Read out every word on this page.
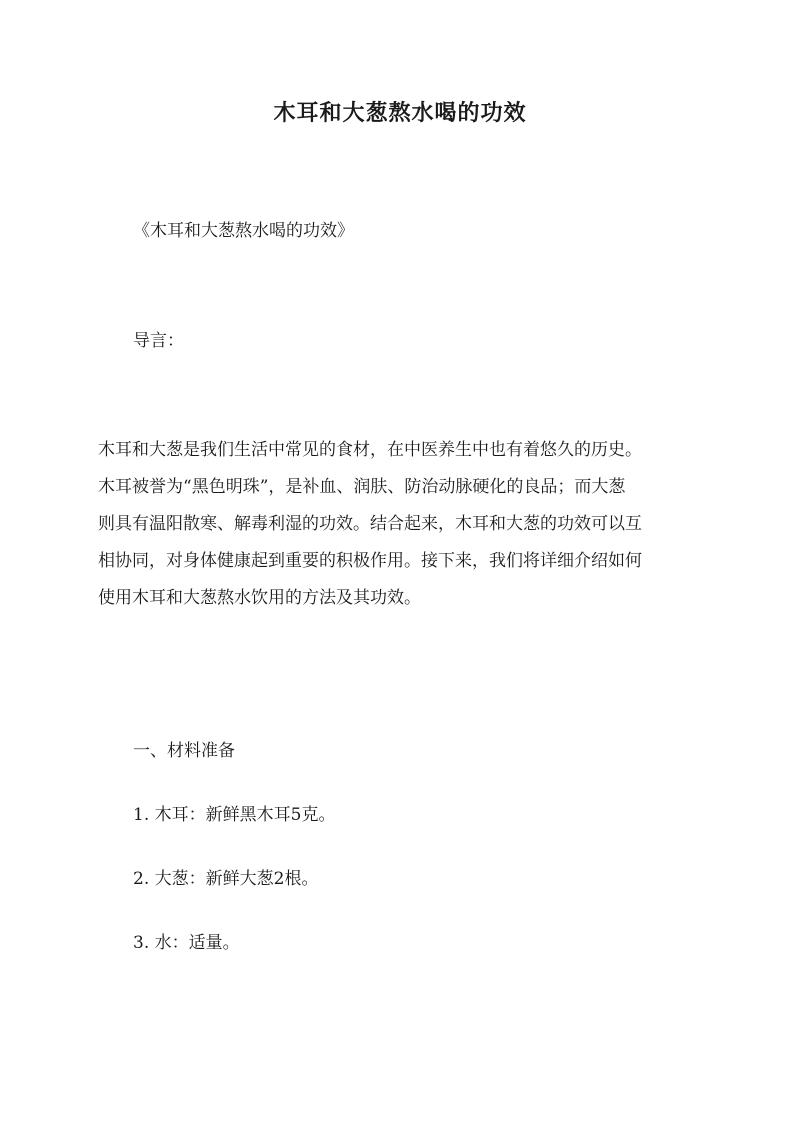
木耳和大葱熬水喝的功效

《木耳和大葱熬水喝的功效》

导言：

木耳和大葱是我们生活中常见的食材，在中医养生中也有着悠久的历史。
木耳被誉为“黑色明珠”，是补血、润肤、防治动脉硬化的良品；而大葱
则具有温阳散寒、解毒利湿的功效。结合起来，木耳和大葱的功效可以互
相协同，对身体健康起到重要的积极作用。接下来，我们将详细介绍如何
使用木耳和大葱熬水饮用的方法及其功效。

一、材料准备

1. 木耳：新鲜黑木耳5克。

2. 大葱：新鲜大葱2根。

3. 水：适量。
